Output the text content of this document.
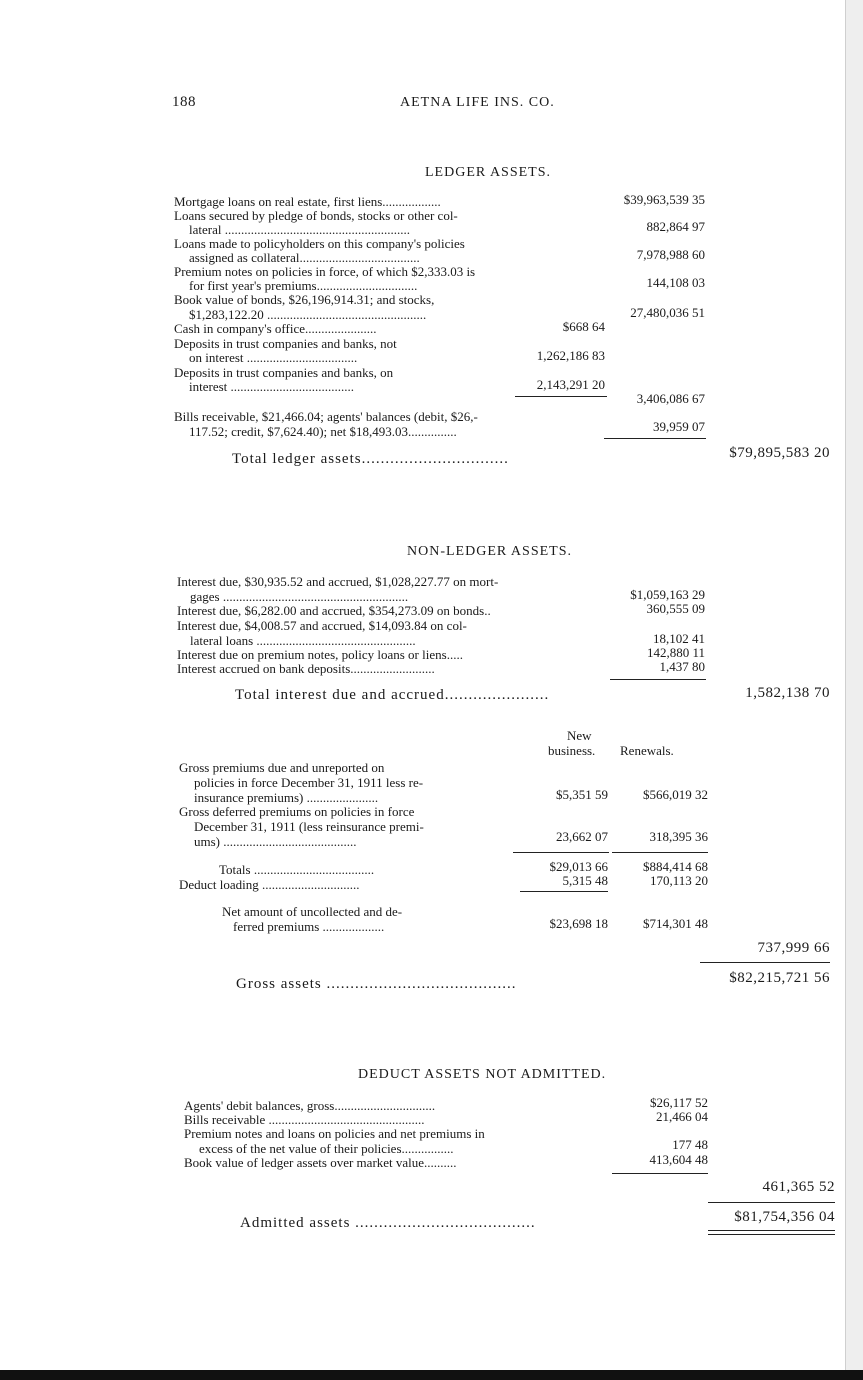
188	AETNA LIFE INS. CO.
LEDGER ASSETS.
Mortgage loans on real estate, first liens..................	$39,963,539 35
Loans secured by pledge of bonds, stocks or other col-
lateral .........................................................	882,864 97
Loans made to policyholders on this company's policies
assigned as collateral.....................................	7,978,988 60
Premium notes on policies in force, of which $2,333.03 is
for first year's premiums...............................	144,108 03
Book value of bonds, $26,196,914.31; and stocks,
$1,283,122.20 .................................................	27,480,036 51
Cash in company's office......................	$668 64
Deposits in trust companies and banks, not
on interest ..................................	1,262,186 83
Deposits in trust companies and banks, on
interest ......................................	2,143,291 20
3,406,086 67
Bills receivable, $21,466.04; agents' balances (debit, $26,-
117.52; credit, $7,624.40); net $18,493.03...............	39,959 07
Total ledger assets...............................	$79,895,583 20
NON-LEDGER ASSETS.
Interest due, $30,935.52 and accrued, $1,028,227.77 on mort-
gages .........................................................	$1,059,163 29
Interest due, $6,282.00 and accrued, $354,273.09 on bonds..	360,555 09
Interest due, $4,008.57 and accrued, $14,093.84 on col-
lateral loans .................................................	18,102 41
Interest due on premium notes, policy loans or liens.....	142,880 11
Interest accrued on bank deposits..........................	1,437 80
Total interest due and accrued......................	1,582,138 70
New
business. Renewals.
Gross premiums due and unreported on
policies in force December 31, 1911 less re-
insurance premiums) ......................	$5,351 59	$566,019 32
Gross deferred premiums on policies in force
December 31, 1911 (less reinsurance premi-
ums) .........................................	23,662 07	318,395 36
Totals .....................................	$29,013 66	$884,414 68
Deduct loading ..............................	5,315 48	170,113 20
Net amount of uncollected and de-
ferred premiums ...................	$23,698 18	$714,301 48
737,999 66
Gross assets ........................................	$82,215,721 56
DEDUCT ASSETS NOT ADMITTED.
Agents' debit balances, gross...............................	$26,117 52
Bills receivable ................................................	21,466 04
Premium notes and loans on policies and net premiums in
excess of the net value of their policies................	177 48
Book value of ledger assets over market value..........	413,604 48
461,365 52
Admitted assets ......................................	$81,754,356 04
